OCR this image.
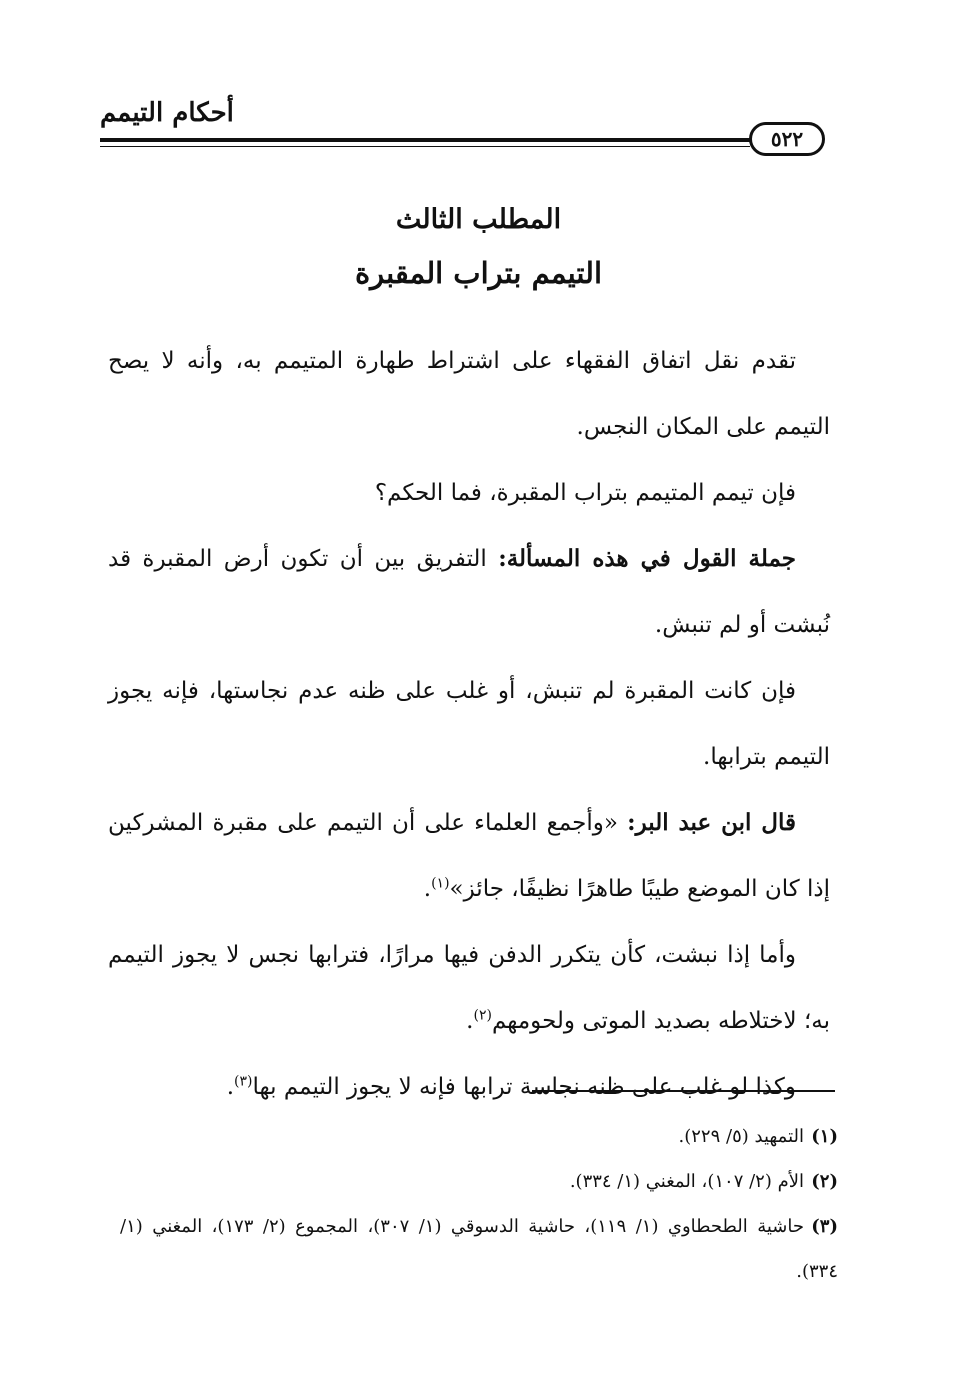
أحكام التيمم
٥٢٢
المطلب الثالث
التيمم بتراب المقبرة

تقدم نقل اتفاق الفقهاء على اشتراط طهارة المتيمم به، وأنه لا يصح التيمم على المكان النجس.

فإن تيمم المتيمم بتراب المقبرة، فما الحكم؟

جملة القول في هذه المسألة: التفريق بين أن تكون أرض المقبرة قد نُبشت أو لم تنبش.

فإن كانت المقبرة لم تنبش، أو غلب على ظنه عدم نجاستها، فإنه يجوز التيمم بترابها.

قال ابن عبد البر: «وأجمع العلماء على أن التيمم على مقبرة المشركين إذا كان الموضع طيبًا طاهرًا نظيفًا، جائز»$^{(١)}$.

وأما إذا نبشت، كأن يتكرر الدفن فيها مرارًا، فترابها نجس لا يجوز التيمم به؛ لاختلاطه بصديد الموتى ولحومهم$^{(٢)}$.

وكذا لو غلب على ظنه نجاسة ترابها فإنه لا يجوز التيمم بها$^{(٣)}$.

(١)التمهيد (٥/ ٢٢٩).

(٢)الأم (٢/ ١٠٧)، المغني (١/ ٣٣٤).

(٣)حاشية الطحطاوي (١/ ١١٩)، حاشية الدسوقي (١/ ٣٠٧)، المجموع (٢/ ١٧٣)، المغني (١/ ٣٣٤).
